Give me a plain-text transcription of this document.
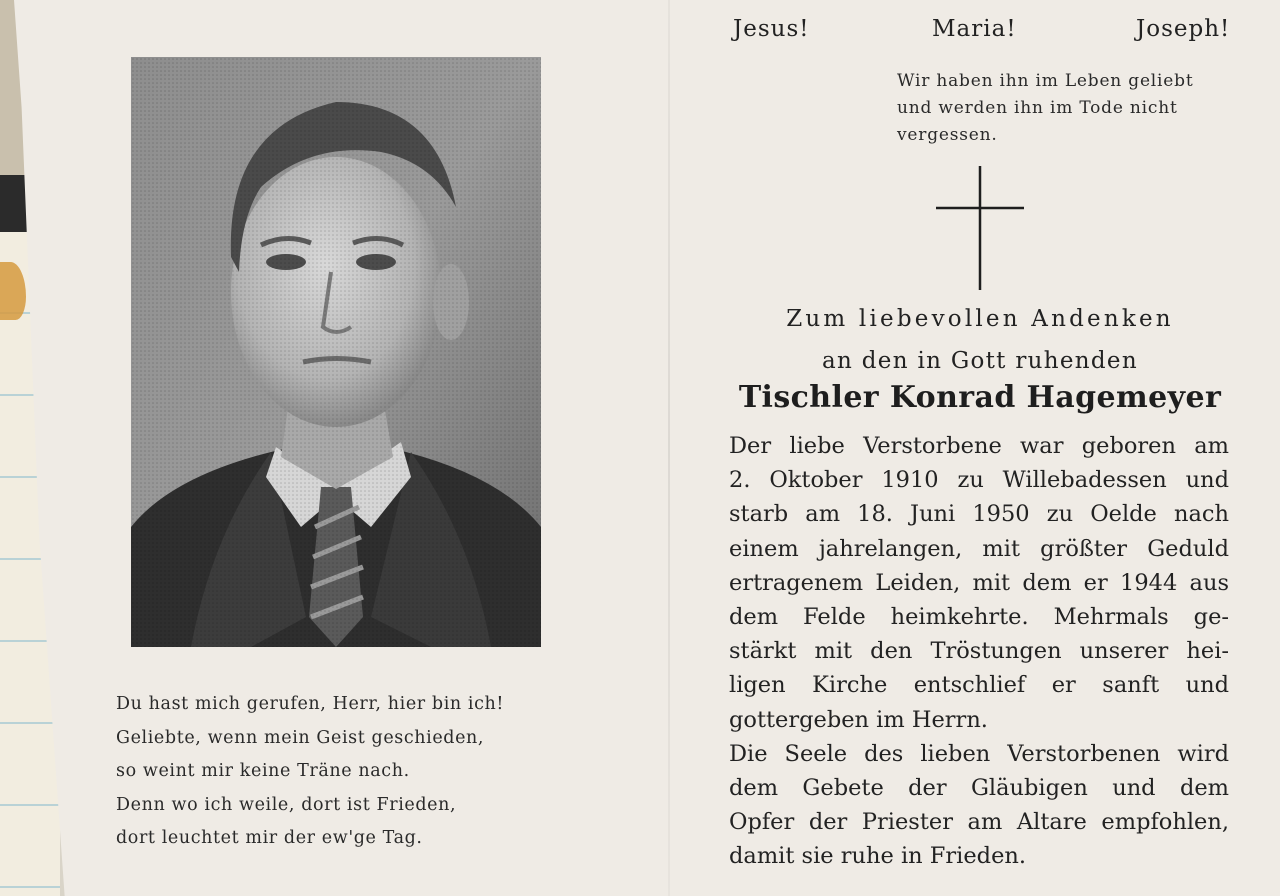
Du hast mich gerufen, Herr, hier bin ich!
Geliebte, wenn mein Geist geschieden,
so weint mir keine Träne nach.
Denn wo ich weile, dort ist Frieden,
dort leuchtet mir der ew'ge Tag.
Jesus!	Maria!	Joseph!
Wir haben ihn im Leben geliebt
und werden ihn im Tode nicht
vergessen.
Zum liebevollen Andenken
an den in Gott ruhenden
Tischler Konrad Hagemeyer
Der liebe Verstorbene war geboren am
2. Oktober 1910 zu Willebadessen und
starb am 18. Juni 1950 zu Oelde nach
einem jahrelangen, mit größter Geduld
ertragenem Leiden, mit dem er 1944 aus
dem Felde heimkehrte. Mehrmals ge-
stärkt mit den Tröstungen unserer hei-
ligen Kirche entschlief er sanft und
gottergeben im Herrn.
Die Seele des lieben Verstorbenen wird
dem Gebete der Gläubigen und dem
Opfer der Priester am Altare empfohlen,
damit sie ruhe in Frieden.
